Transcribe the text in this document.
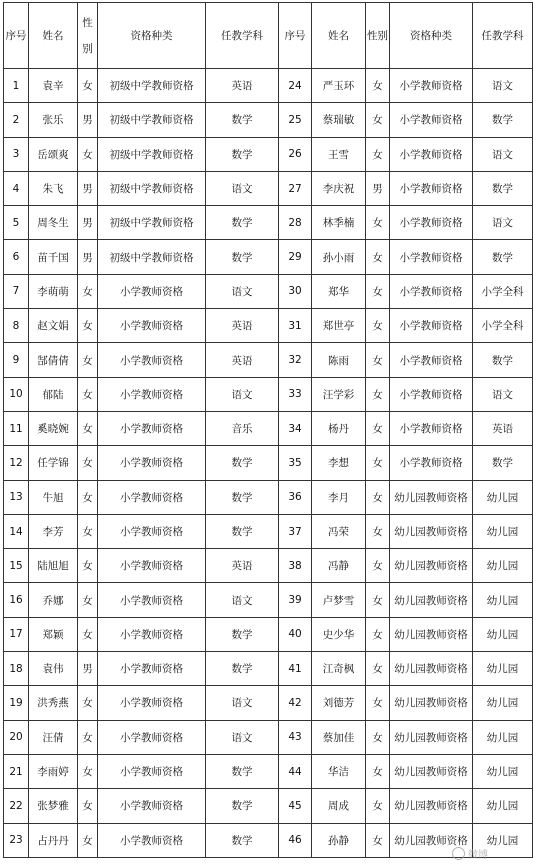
序号	姓名	性别	资格种类	任教学科	序号	姓名	性别	资格种类	任教学科
1	袁辛	女	初级中学教师资格	英语	24	严玉环	女	小学教师资格	语文
2	张乐	男	初级中学教师资格	数学	25	蔡瑞敏	女	小学教师资格	数学
3	岳颂爽	女	初级中学教师资格	数学	26	王雪	女	小学教师资格	语文
4	朱飞	男	初级中学教师资格	语文	27	李庆祝	男	小学教师资格	数学
5	周冬生	男	初级中学教师资格	数学	28	林季楠	女	小学教师资格	语文
6	苗千国	男	初级中学教师资格	数学	29	孙小雨	女	小学教师资格	数学
7	李萌萌	女	小学教师资格	语文	30	郑华	女	小学教师资格	小学全科
8	赵文娟	女	小学教师资格	英语	31	郑世亭	女	小学教师资格	小学全科
9	郜倩倩	女	小学教师资格	英语	32	陈雨	女	小学教师资格	数学
10	郁陆	女	小学教师资格	语文	33	汪学彩	女	小学教师资格	语文
11	奚晓婉	女	小学教师资格	音乐	34	杨丹	女	小学教师资格	英语
12	任学锦	女	小学教师资格	数学	35	李想	女	小学教师资格	数学
13	牛旭	女	小学教师资格	数学	36	李月	女	幼儿园教师资格	幼儿园
14	李芳	女	小学教师资格	数学	37	冯荣	女	幼儿园教师资格	幼儿园
15	陆旭旭	女	小学教师资格	英语	38	冯静	女	幼儿园教师资格	幼儿园
16	乔娜	女	小学教师资格	语文	39	卢梦雪	女	幼儿园教师资格	幼儿园
17	郑颖	女	小学教师资格	数学	40	史少华	女	幼儿园教师资格	幼儿园
18	袁伟	男	小学教师资格	数学	41	江奇枫	女	幼儿园教师资格	幼儿园
19	洪秀燕	女	小学教师资格	语文	42	刘德芳	女	幼儿园教师资格	幼儿园
20	汪倩	女	小学教师资格	语文	43	蔡加佳	女	幼儿园教师资格	幼儿园
21	李雨婷	女	小学教师资格	数学	44	华洁	女	幼儿园教师资格	幼儿园
22	张梦雅	女	小学教师资格	数学	45	周成	女	幼儿园教师资格	幼儿园
23	占丹丹	女	小学教师资格	数学	46	孙静	女	幼儿园教师资格	幼儿园
微博
